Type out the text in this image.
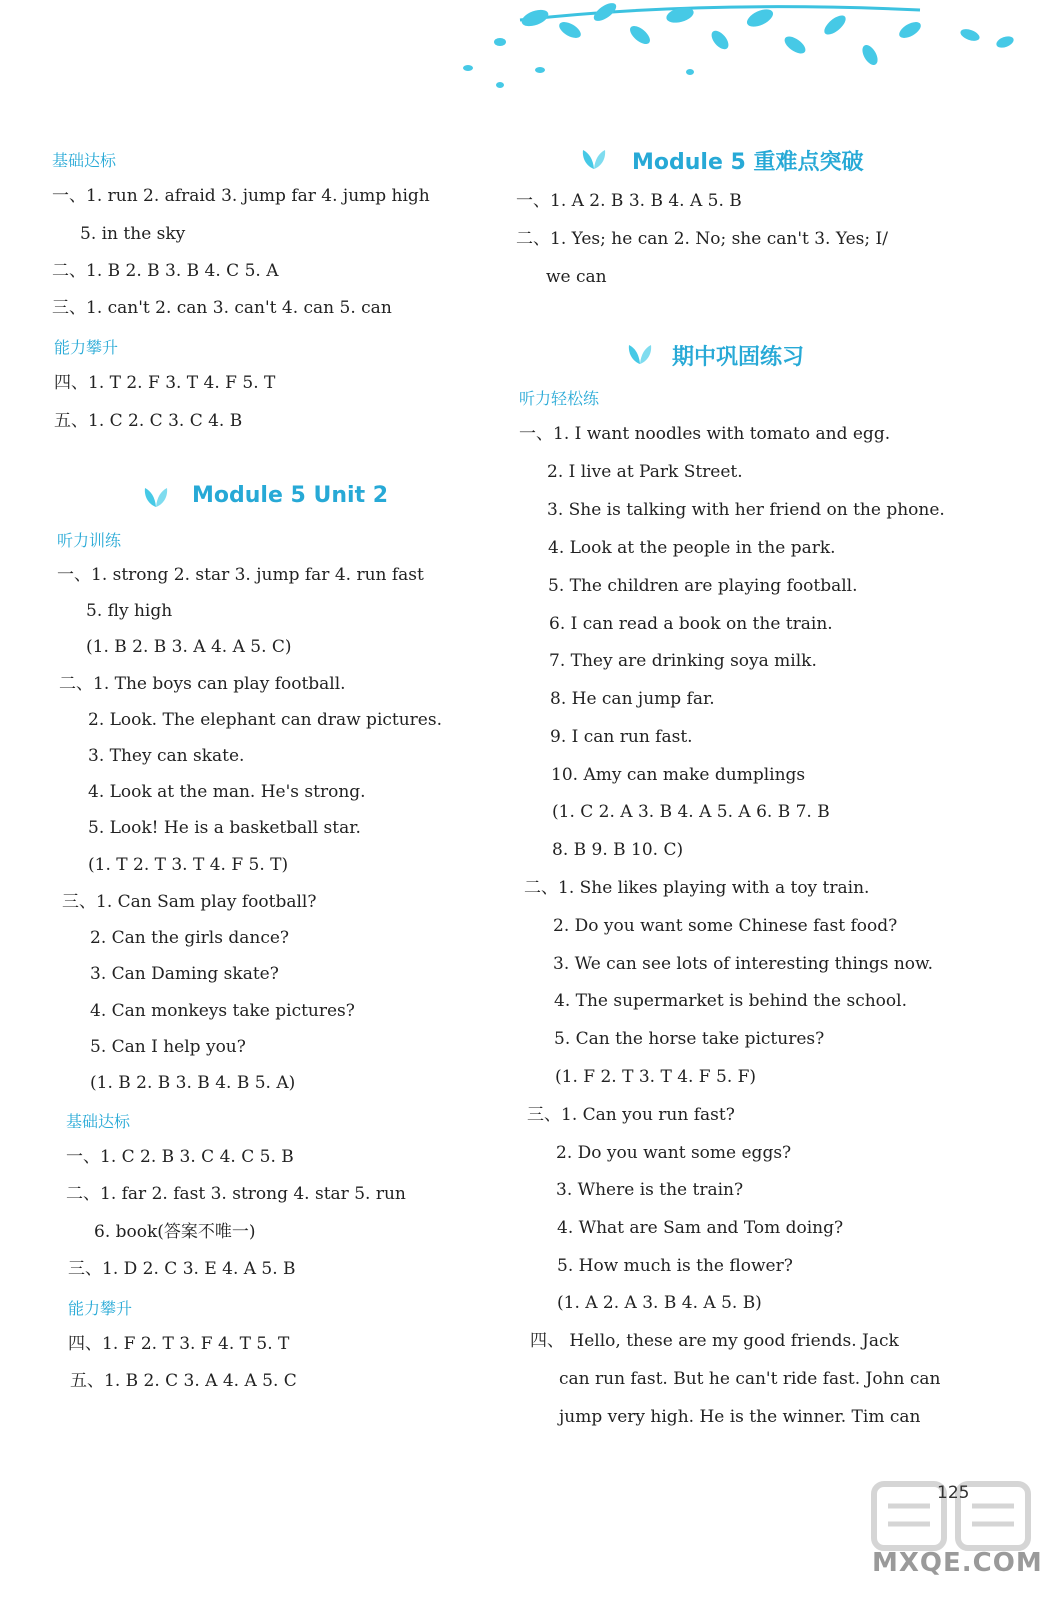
基础达标
一、1. run 2. afraid 3. jump far 4. jump high
5. in the sky
二、1. B 2. B 3. B 4. C 5. A
三、1. can't 2. can 3. can't 4. can 5. can
能力攀升
四、1. T 2. F 3. T 4. F 5. T
五、1. C 2. C 3. C 4. B
Module 5 Unit 2
听力训练
一、1. strong 2. star 3. jump far 4. run fast
5. fly high
(1. B 2. B 3. A 4. A 5. C)
二、1. The boys can play football.
2. Look. The elephant can draw pictures.
3. They can skate.
4. Look at the man. He's strong.
5. Look! He is a basketball star.
(1. T 2. T 3. T 4. F 5. T)
三、1. Can Sam play football?
2. Can the girls dance?
3. Can Daming skate?
4. Can monkeys take pictures?
5. Can I help you?
(1. B 2. B 3. B 4. B 5. A)
基础达标
一、1. C 2. B 3. C 4. C 5. B
二、1. far 2. fast 3. strong 4. star 5. run
6. book(答案不唯一)
三、1. D 2. C 3. E 4. A 5. B
能力攀升
四、1. F 2. T 3. F 4. T 5. T
五、1. B 2. C 3. A 4. A 5. C
Module 5 重难点突破
一、1. A 2. B 3. B 4. A 5. B
二、1. Yes; he can 2. No; she can't 3. Yes; I/
we can
期中巩固练习
听力轻松练
一、1. I want noodles with tomato and egg.
2. I live at Park Street.
3. She is talking with her friend on the phone.
4. Look at the people in the park.
5. The children are playing football.
6. I can read a book on the train.
7. They are drinking soya milk.
8. He can jump far.
9. I can run fast.
10. Amy can make dumplings
(1. C 2. A 3. B 4. A 5. A 6. B 7. B
8. B 9. B 10. C)
二、1. She likes playing with a toy train.
2. Do you want some Chinese fast food?
3. We can see lots of interesting things now.
4. The supermarket is behind the school.
5. Can the horse take pictures?
(1. F 2. T 3. T 4. F 5. F)
三、1. Can you run fast?
2. Do you want some eggs?
3. Where is the train?
4. What are Sam and Tom doing?
5. How much is the flower?
(1. A 2. A 3. B 4. A 5. B)
四、 Hello, these are my good friends. Jack
can run fast. But he can't ride fast. John can
jump very high. He is the winner. Tim can
125
MXQE.COM
